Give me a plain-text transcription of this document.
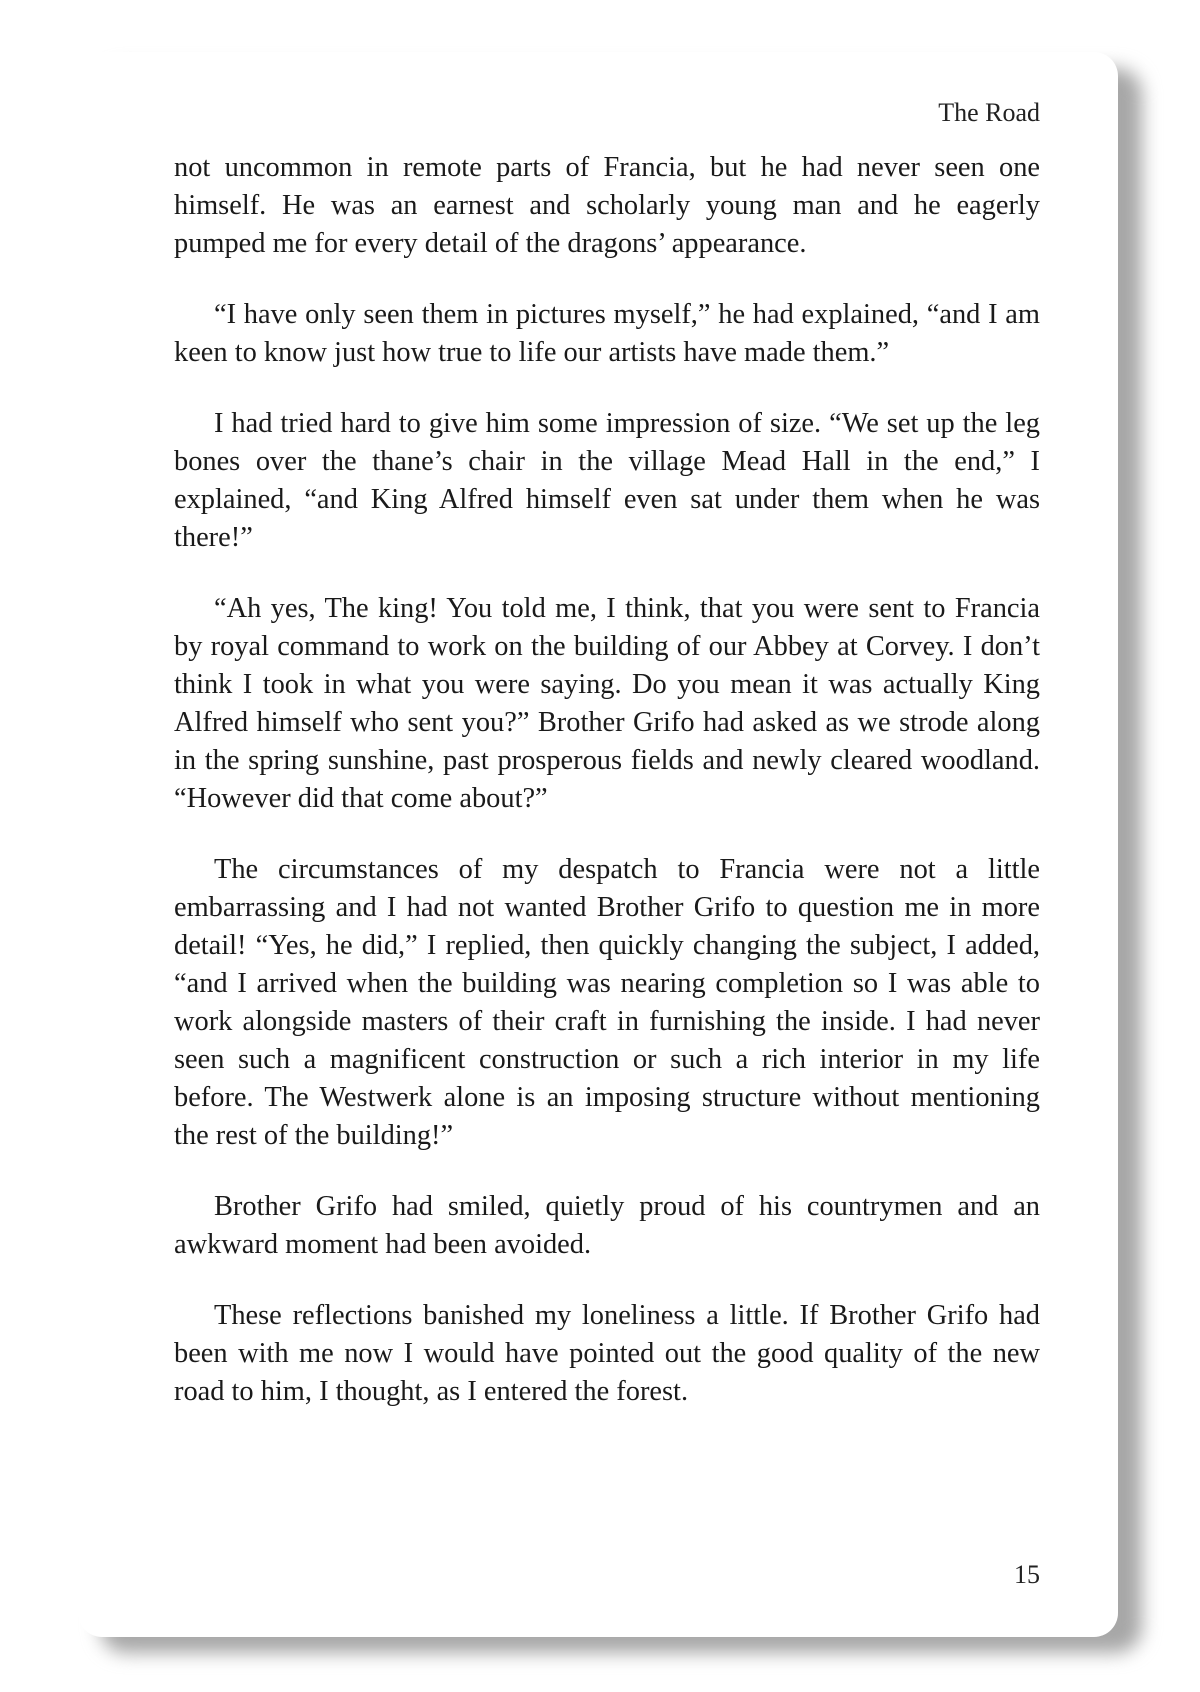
The Road

not uncommon in remote parts of Francia, but he had never seen one himself. He was an earnest and scholarly young man and he eagerly pumped me for every detail of the dragons’ appearance.

“I have only seen them in pictures myself,” he had explained, “and I am keen to know just how true to life our artists have made them.”

I had tried hard to give him some impression of size. “We set up the leg bones over the thane’s chair in the village Mead Hall in the end,” I explained, “and King Alfred himself even sat under them when he was there!”

“Ah yes, The king! You told me, I think, that you were sent to Francia by royal command to work on the building of our Abbey at Corvey. I don’t think I took in what you were saying. Do you mean it was actually King Alfred himself who sent you?” Brother Grifo had asked as we strode along in the spring sunshine, past prosperous fields and newly cleared woodland. “However did that come about?”

The circumstances of my despatch to Francia were not a little embarrassing and I had not wanted Brother Grifo to question me in more detail! “Yes, he did,” I replied, then quickly changing the subject, I added, “and I arrived when the building was nearing completion so I was able to work alongside masters of their craft in furnishing the inside. I had never seen such a magnificent construction or such a rich interior in my life before. The Westwerk alone is an imposing structure without mentioning the rest of the building!”

Brother Grifo had smiled, quietly proud of his countrymen and an awkward moment had been avoided.

These reflections banished my loneliness a little. If Brother Grifo had been with me now I would have pointed out the good quality of the new road to him, I thought, as I entered the forest.

15
